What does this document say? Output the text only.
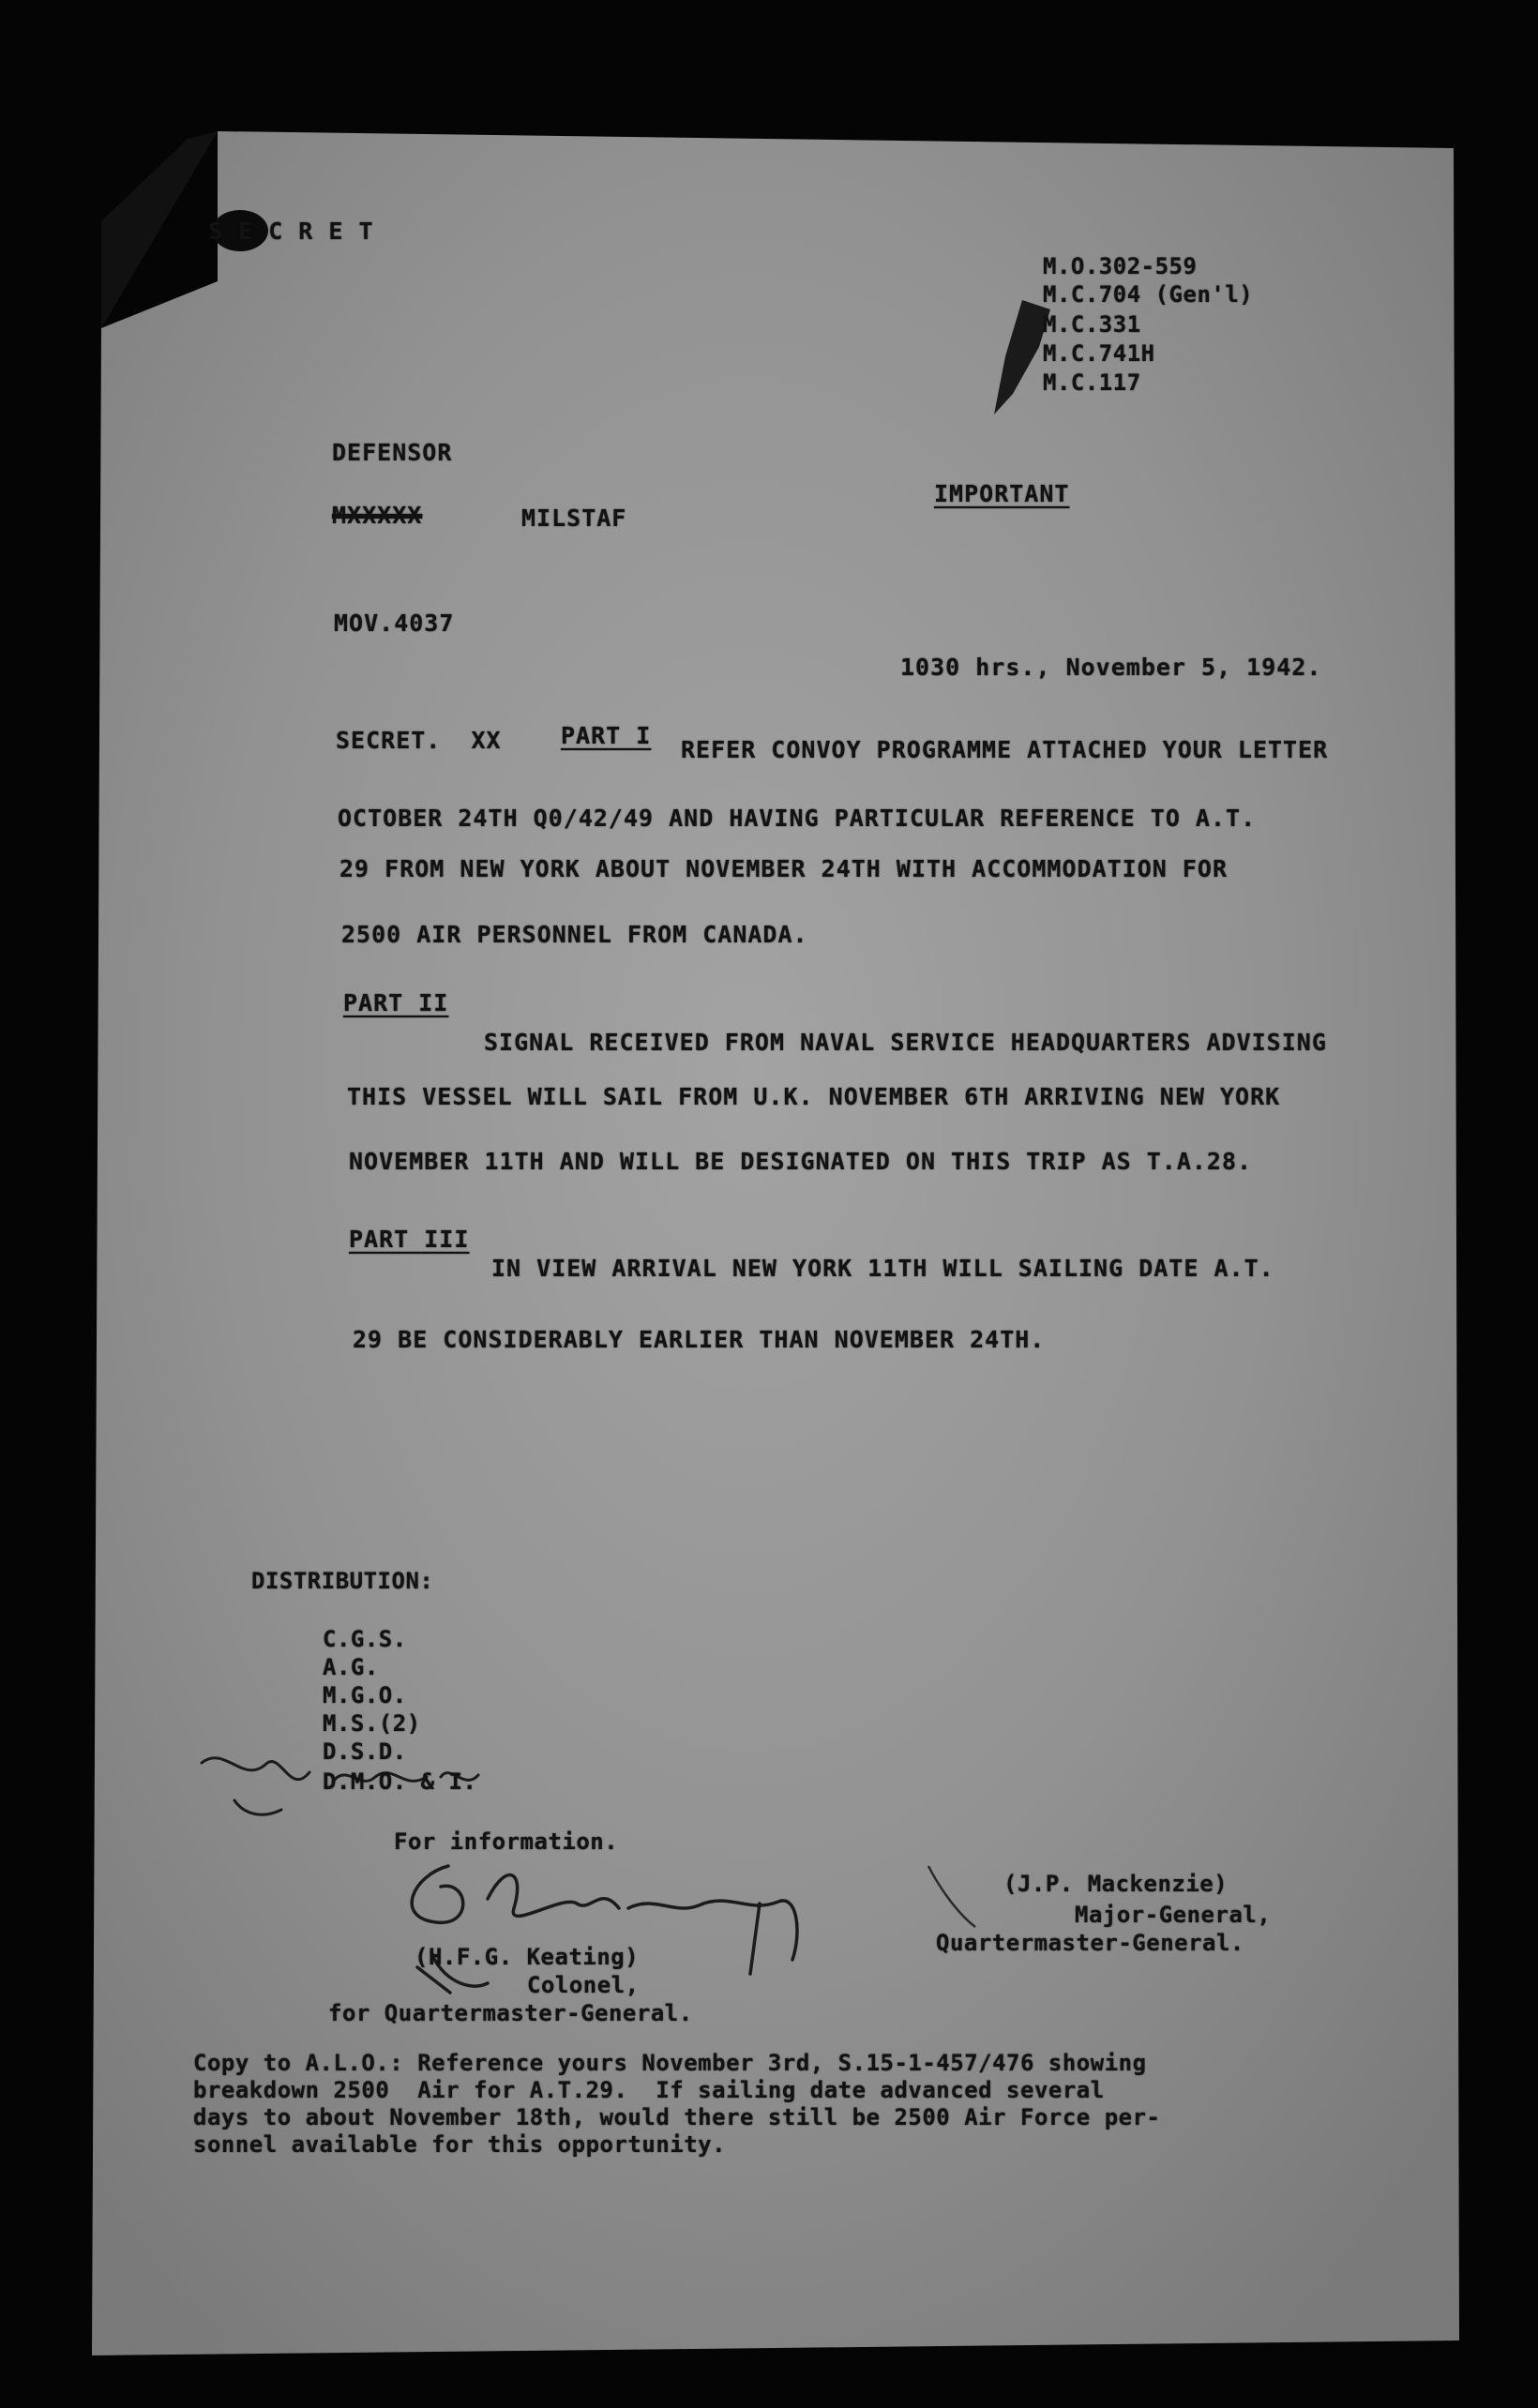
S E C R E T
M.O.302-559
M.C.704 (Gen'l)
M.C.331
M.C.741H
M.C.117
DEFENSOR
MXXXXX	MILSTAF
IMPORTANT
MOV.4037
1030 hrs., November 5, 1942.
SECRET.  XX	PART I
REFER CONVOY PROGRAMME ATTACHED YOUR LETTER
OCTOBER 24TH Q0/42/49 AND HAVING PARTICULAR REFERENCE TO A.T.
29 FROM NEW YORK ABOUT NOVEMBER 24TH WITH ACCOMMODATION FOR
2500 AIR PERSONNEL FROM CANADA.
PART II
SIGNAL RECEIVED FROM NAVAL SERVICE HEADQUARTERS ADVISING
THIS VESSEL WILL SAIL FROM U.K. NOVEMBER 6TH ARRIVING NEW YORK
NOVEMBER 11TH AND WILL BE DESIGNATED ON THIS TRIP AS T.A.28.
PART III
IN VIEW ARRIVAL NEW YORK 11TH WILL SAILING DATE A.T.
29 BE CONSIDERABLY EARLIER THAN NOVEMBER 24TH.
DISTRIBUTION:
C.G.S.
A.G.
M.G.O.
M.S.(2)
D.S.D.
D.M.O. & I.
For information.
(H.F.G. Keating)
Colonel,
for Quartermaster-General.
(J.P. Mackenzie)
Major-General,
Quartermaster-General.
Copy to A.L.O.: Reference yours November 3rd, S.15-1-457/476 showing
breakdown 2500  Air for A.T.29.  If sailing date advanced several
days to about November 18th, would there still be 2500 Air Force per-
sonnel available for this opportunity.
